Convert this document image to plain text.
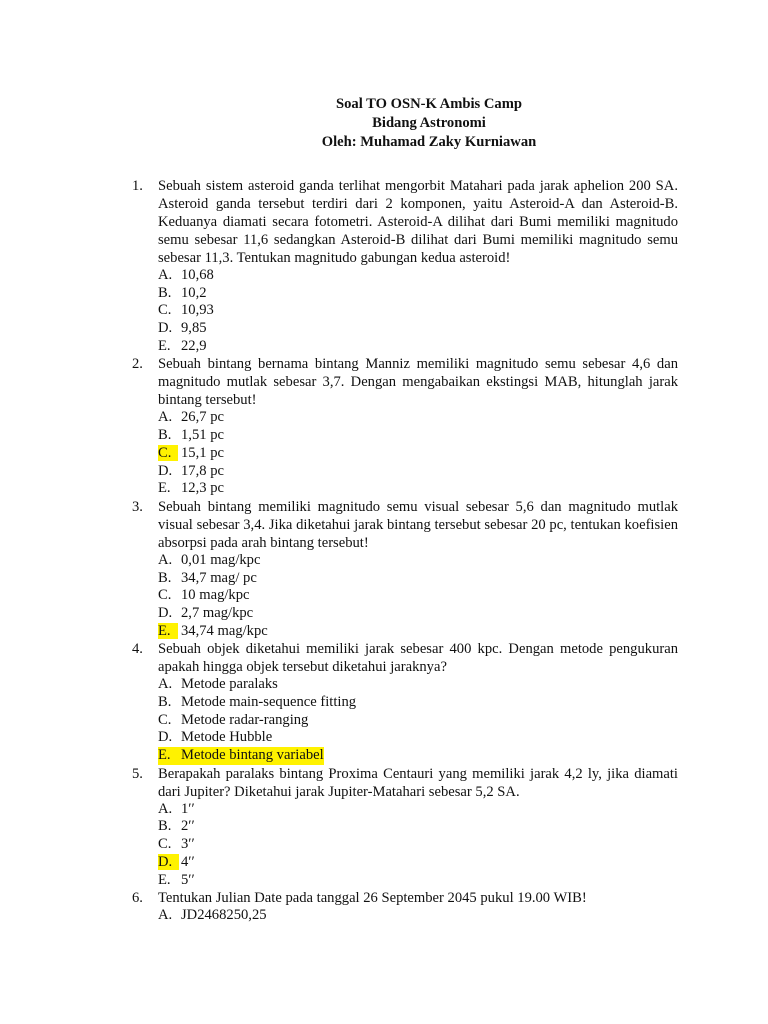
Soal TO OSN-K Ambis Camp
Bidang Astronomi
Oleh: Muhamad Zaky Kurniawan
1.	Sebuah sistem asteroid ganda terlihat mengorbit Matahari pada jarak aphelion 200 SA. Asteroid ganda tersebut terdiri dari 2 komponen, yaitu Asteroid-A dan Asteroid-B. Keduanya diamati secara fotometri. Asteroid-A dilihat dari Bumi memiliki magnitudo semu sebesar 11,6 sedangkan Asteroid-B dilihat dari Bumi memiliki magnitudo semu sebesar 11,3. Tentukan magnitudo gabungan kedua asteroid!
A. 10,68
B. 10,2
C. 10,93
D. 9,85
E. 22,9
2.	Sebuah bintang bernama bintang Manniz memiliki magnitudo semu sebesar 4,6 dan magnitudo mutlak sebesar 3,7. Dengan mengabaikan ekstingsi MAB, hitunglah jarak bintang tersebut!
A. 26,7 pc
B. 1,51 pc
C. 15,1 pc
D. 17,8 pc
E. 12,3 pc
3.	Sebuah bintang memiliki magnitudo semu visual sebesar 5,6 dan magnitudo mutlak visual sebesar 3,4. Jika diketahui jarak bintang tersebut sebesar 20 pc, tentukan koefisien absorpsi pada arah bintang tersebut!
A. 0,01 mag/kpc
B. 34,7 mag/ pc
C. 10 mag/kpc
D. 2,7 mag/kpc
E. 34,74 mag/kpc
4.	Sebuah objek diketahui memiliki jarak sebesar 400 kpc. Dengan metode pengukuran apakah hingga objek tersebut diketahui jaraknya?
A. Metode paralaks
B. Metode main-sequence fitting
C. Metode radar-ranging
D. Metode Hubble
E. Metode bintang variabel
5.	Berapakah paralaks bintang Proxima Centauri yang memiliki jarak 4,2 ly, jika diamati dari Jupiter? Diketahui jarak Jupiter-Matahari sebesar 5,2 SA.
A. 1′′
B. 2′′
C. 3′′
D. 4′′
E. 5′′
6.	Tentukan Julian Date pada tanggal 26 September 2045 pukul 19.00 WIB!
A. JD2468250,25
